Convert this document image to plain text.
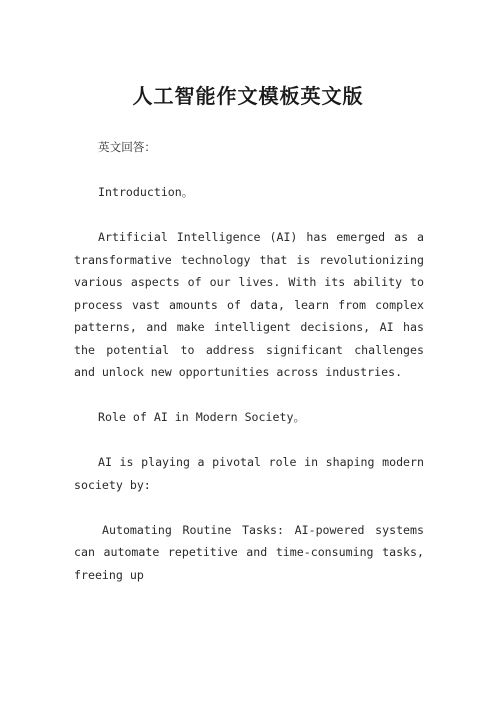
人工智能作文模板英文版

英文回答：

Introduction。

Artificial Intelligence (AI) has emerged as a transformative technology that is revolutionizing various aspects of our lives. With its ability to process vast amounts of data, learn from complex patterns, and make intelligent decisions, AI has the potential to address significant challenges and unlock new opportunities across industries.

Role of AI in Modern Society。

AI is playing a pivotal role in shaping modern society by:

Automating Routine Tasks: AI-powered systems can automate repetitive and time-consuming tasks, freeing up
